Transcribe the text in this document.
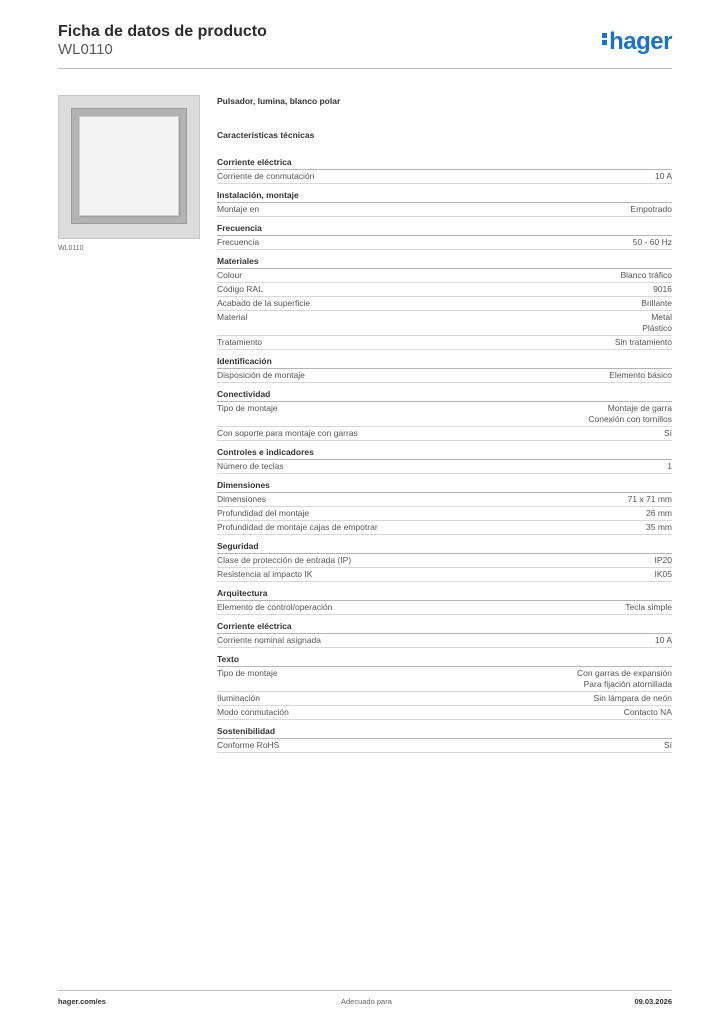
Ficha de datos de producto
WL0110	hager
WL0110
Pulsador, lumina, blanco polar
Características técnicas
Corriente eléctrica
Corriente de conmutación	10 A
Instalación, montaje
Montaje en	Empotrado
Frecuencia
Frecuencia	50 - 60 Hz
Materiales
Colour	Blanco tráfico
Código RAL	9016
Acabado de la superficie	Brillante
Material	Metal
Plástico
Tratamiento	Sin tratamiento
Identificación
Disposición de montaje	Elemento básico
Conectividad
Tipo de montaje	Montaje de garra
Conexión con tornillos
Con soporte para montaje con garras	Sí
Controles e indicadores
Número de teclas	1
Dimensiones
Dimensiones	71 x 71 mm
Profundidad del montaje	26 mm
Profundidad de montaje cajas de empotrar	35 mm
Seguridad
Clase de protección de entrada (IP)	IP20
Resistencia al impacto IK	IK05
Arquitectura
Elemento de control/operación	Tecla simple
Corriente eléctrica
Corriente nominal asignada	10 A
Texto
Tipo de montaje	Con garras de expansión
Para fijación atornillada
Iluminación	Sin lámpara de neón
Modo conmutación	Contacto NA
Sostenibilidad
Conforme RoHS	Sí
hager.com/es	Adecuado para	09.03.2026
